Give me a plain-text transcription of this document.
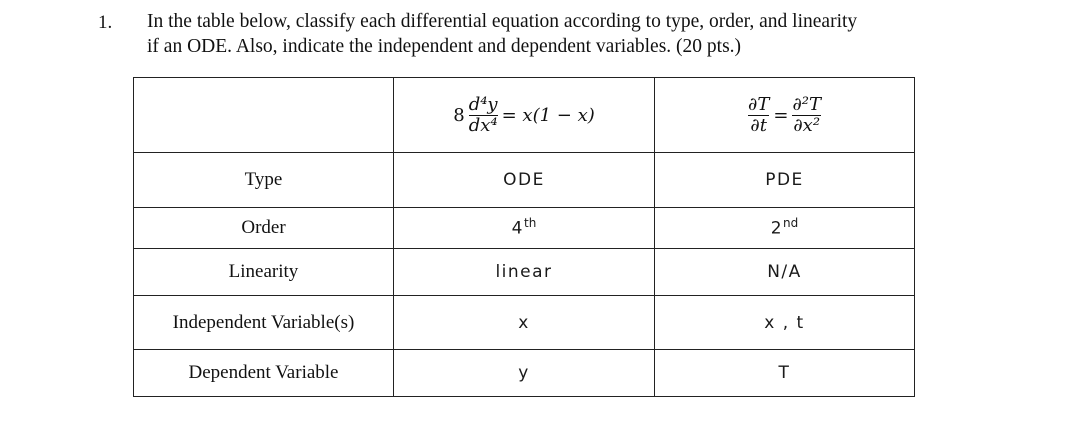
1. In the table below, classify each differential equation according to type, order, and linearity
if an ODE. Also, indicate the independent and dependent variables. (20 pts.)

	$8 \frac{\text{d⁴y}}{\text{dx⁴}} = x(1 - x)$	$\frac{\partial T}{\partial t} = \frac{\text{∂²T}}{\text{∂x²}}$

Type	ODE	PDE
Order	4th	2nd
Linearity	linear	N/A
Independent Variable(s)	x	x , t
Dependent Variable	y	T
